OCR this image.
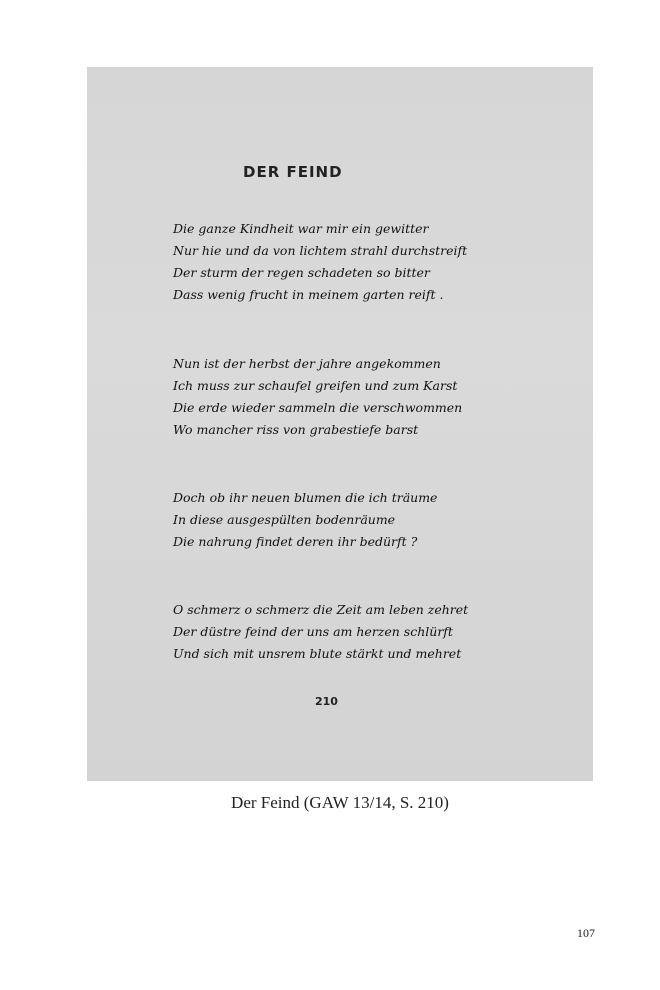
DER FEIND
Die ganze Kindheit war mir ein gewitter
Nur hie und da von lichtem strahl durchstreift
Der sturm der regen schadeten so bitter
Dass wenig frucht in meinem garten reift .
Nun ist der herbst der jahre angekommen
Ich muss zur schaufel greifen und zum Karst
Die erde wieder sammeln die verschwommen
Wo mancher riss von grabestiefe barst
Doch ob ihr neuen blumen die ich träume
In diese ausgespülten bodenräume
Die nahrung findet deren ihr bedürft ?
O schmerz o schmerz die Zeit am leben zehret
Der düstre feind der uns am herzen schlürft
Und sich mit unsrem blute stärkt und mehret
210
Der Feind (GAW 13/14, S. 210)
107
